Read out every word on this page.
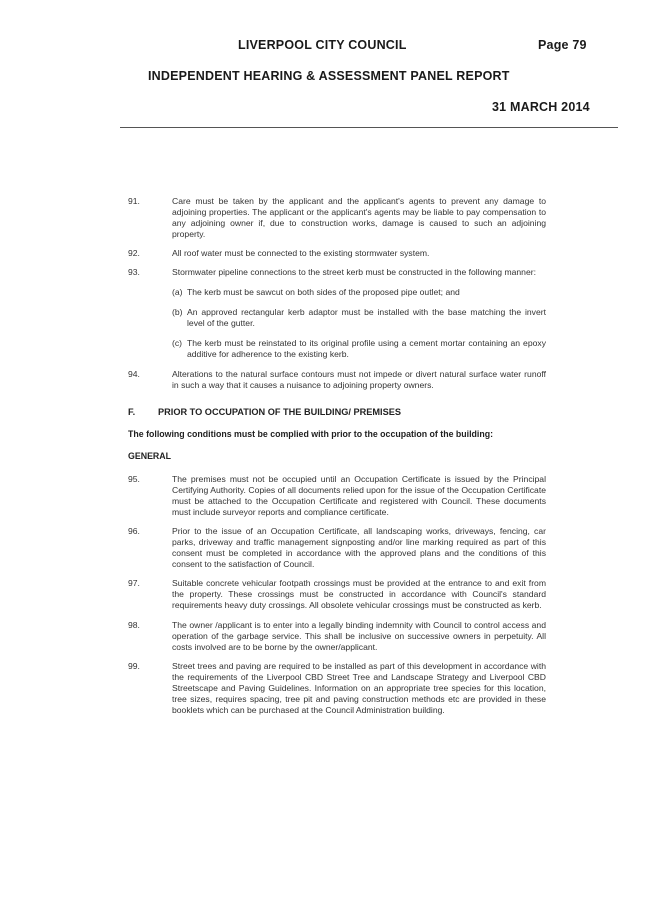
LIVERPOOL CITY COUNCIL	Page 79
INDEPENDENT HEARING & ASSESSMENT PANEL REPORT
31 MARCH 2014
91.	Care must be taken by the applicant and the applicant's agents to prevent any damage to adjoining properties. The applicant or the applicant's agents may be liable to pay compensation to any adjoining owner if, due to construction works, damage is caused to such an adjoining property.
92.	All roof water must be connected to the existing stormwater system.
93.	Stormwater pipeline connections to the street kerb must be constructed in the following manner:
(a) The kerb must be sawcut on both sides of the proposed pipe outlet; and
(b) An approved rectangular kerb adaptor must be installed with the base matching the invert level of the gutter.
(c) The kerb must be reinstated to its original profile using a cement mortar containing an epoxy additive for adherence to the existing kerb.
94.	Alterations to the natural surface contours must not impede or divert natural surface water runoff in such a way that it causes a nuisance to adjoining property owners.
F.	PRIOR TO OCCUPATION OF THE BUILDING/ PREMISES
The following conditions must be complied with prior to the occupation of the building:
GENERAL
95.	The premises must not be occupied until an Occupation Certificate is issued by the Principal Certifying Authority. Copies of all documents relied upon for the issue of the Occupation Certificate must be attached to the Occupation Certificate and registered with Council. These documents must include surveyor reports and compliance certificate.
96.	Prior to the issue of an Occupation Certificate, all landscaping works, driveways, fencing, car parks, driveway and traffic management signposting and/or line marking required as part of this consent must be completed in accordance with the approved plans and the conditions of this consent to the satisfaction of Council.
97.	Suitable concrete vehicular footpath crossings must be provided at the entrance to and exit from the property. These crossings must be constructed in accordance with Council's standard requirements heavy duty crossings. All obsolete vehicular crossings must be constructed as kerb.
98.	The owner /applicant is to enter into a legally binding indemnity with Council to control access and operation of the garbage service. This shall be inclusive on successive owners in perpetuity. All costs involved are to be borne by the owner/applicant.
99.	Street trees and paving are required to be installed as part of this development in accordance with the requirements of the Liverpool CBD Street Tree and Landscape Strategy and Liverpool CBD Streetscape and Paving Guidelines. Information on an appropriate tree species for this location, tree sizes, requires spacing, tree pit and paving construction methods etc are provided in these booklets which can be purchased at the Council Administration building.
